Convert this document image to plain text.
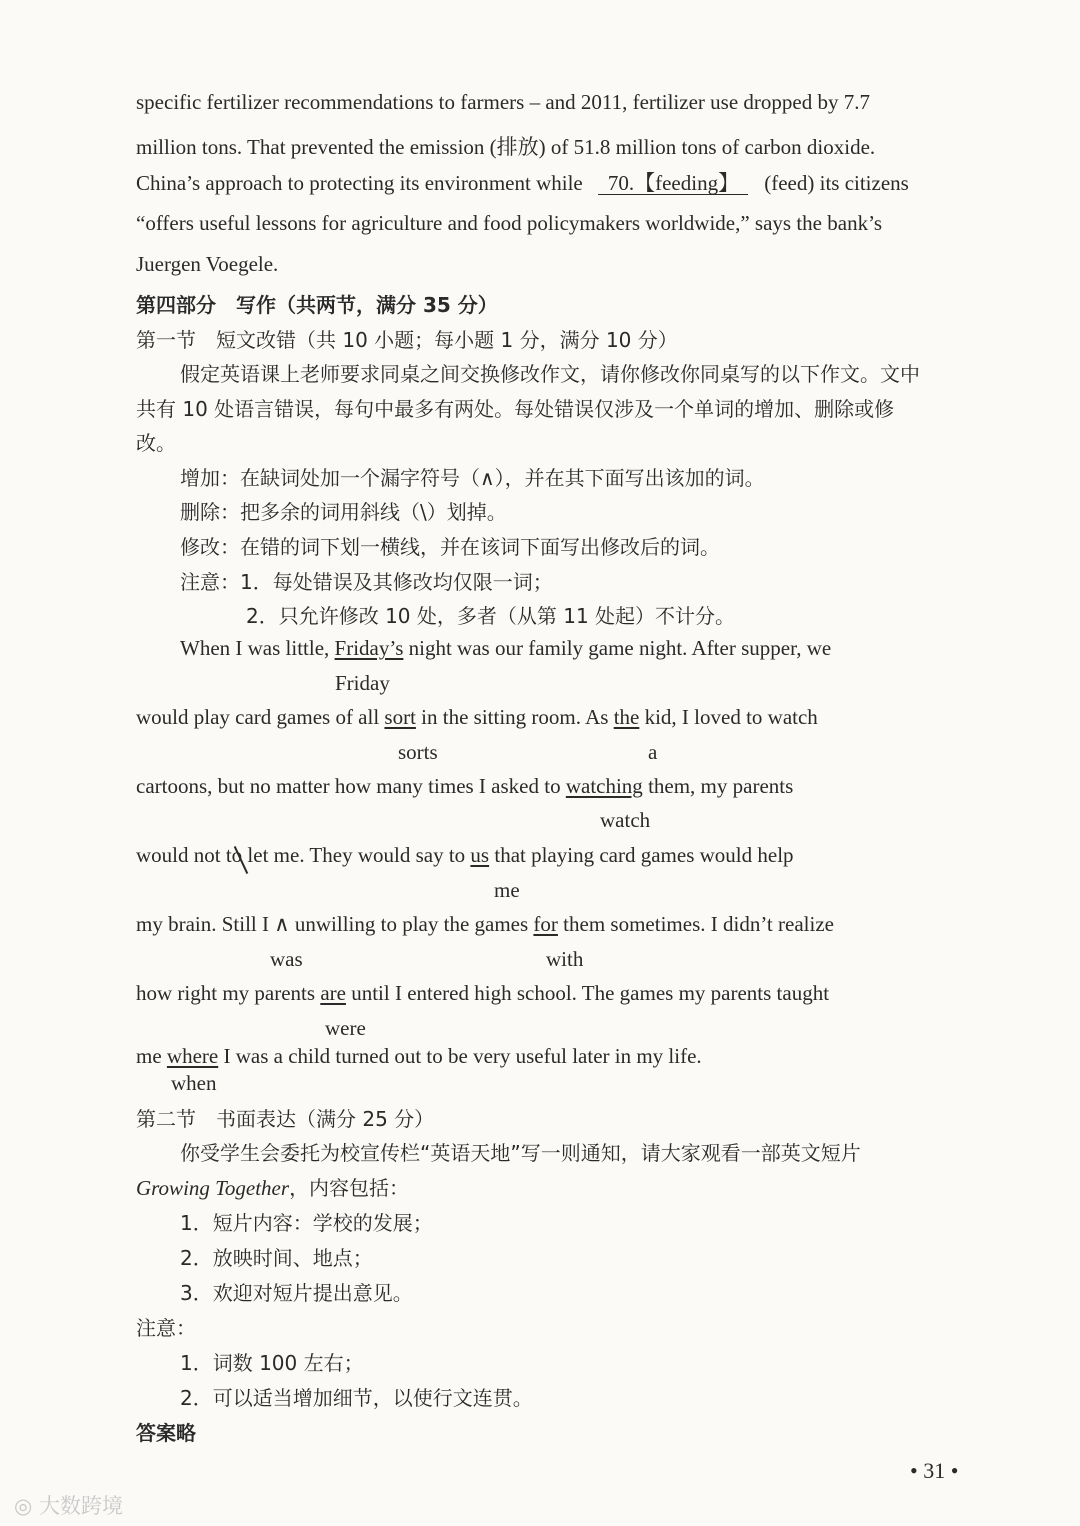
specific fertilizer recommendations to farmers – and 2011, fertilizer use dropped by 7.7
million tons. That prevented the emission (排放) of 51.8 million tons of carbon dioxide.
China’s approach to protecting its environment while 70.【feeding】 (feed) its citizens
“offers useful lessons for agriculture and food policymakers worldwide,” says the bank’s
Juergen Voegele.
第四部分　写作（共两节，满分 35 分）
第一节　短文改错（共 10 小题；每小题 1 分，满分 10 分）
假定英语课上老师要求同桌之间交换修改作文，请你修改你同桌写的以下作文。文中
共有 10 处语言错误，每句中最多有两处。每处错误仅涉及一个单词的增加、删除或修
改。
增加：在缺词处加一个漏字符号（∧），并在其下面写出该加的词。
删除：把多余的词用斜线（\）划掉。
修改：在错的词下划一横线，并在该词下面写出修改后的词。
注意：1．每处错误及其修改均仅限一词；
2．只允许修改 10 处，多者（从第 11 处起）不计分。
When I was little, Friday’s night was our family game night. After supper, we
Friday
would play card games of all sort in the sitting room. As the kid, I loved to watch
sorts	a
cartoons, but no matter how many times I asked to watching them, my parents
watch
would not to let me. They would say to us that playing card games would help
me
my brain. Still I ∧ unwilling to play the games for them sometimes. I didn’t realize
was	with
how right my parents are until I entered high school. The games my parents taught
were
me where I was a child turned out to be very useful later in my life.
when
第二节　书面表达（满分 25 分）
你受学生会委托为校宣传栏“英语天地”写一则通知，请大家观看一部英文短片
Growing Together，内容包括：
1．短片内容：学校的发展；
2．放映时间、地点；
3．欢迎对短片提出意见。
注意：
1．词数 100 左右；
2．可以适当增加细节，以使行文连贯。
答案略
• 31 •
◎ 大数跨境
